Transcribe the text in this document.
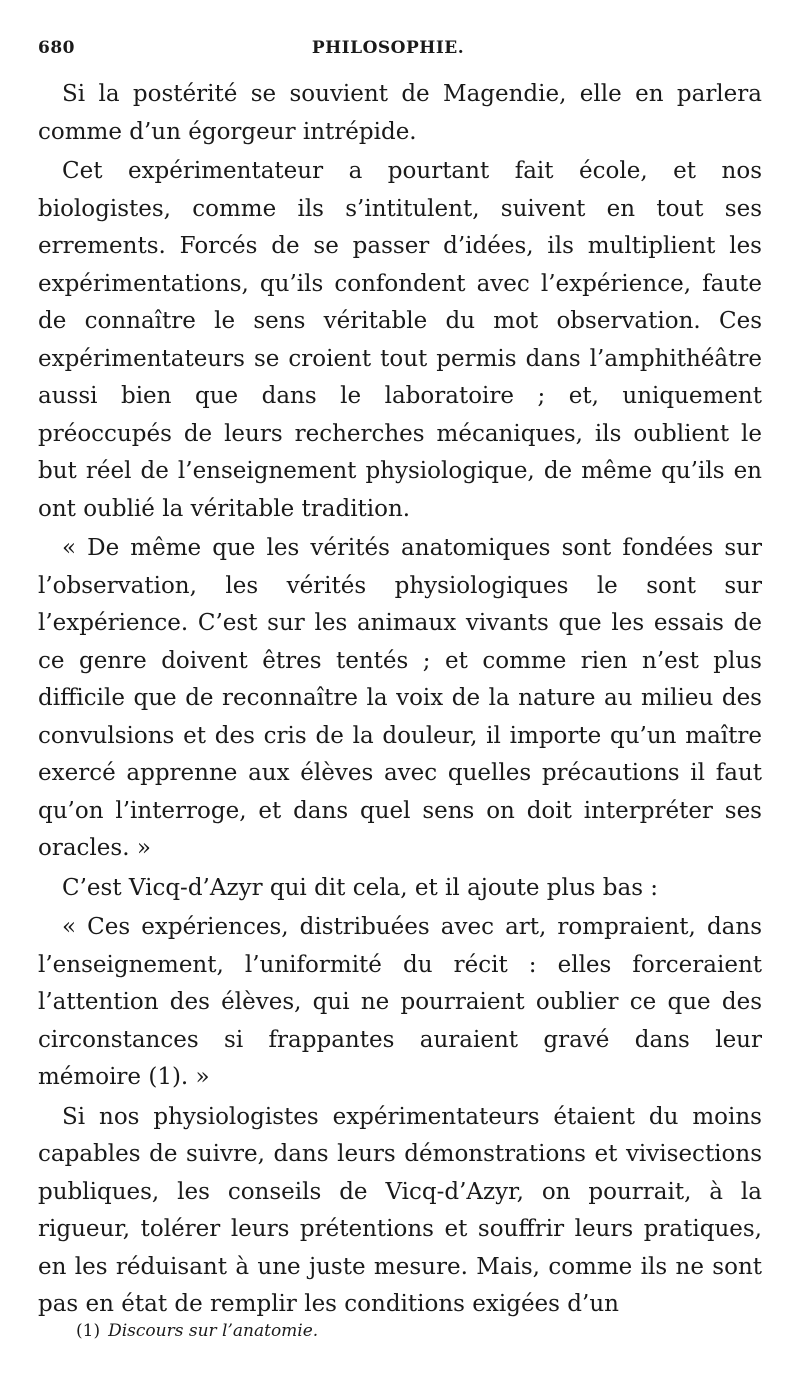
680	PHILOSOPHIE.

Si la postérité se souvient de Magendie, elle en parlera comme d’un égorgeur intrépide.

Cet expérimentateur a pourtant fait école, et nos biologistes, comme ils s’intitulent, suivent en tout ses errements. Forcés de se passer d’idées, ils multiplient les expérimentations, qu’ils confondent avec l’expérience, faute de connaître le sens véritable du mot observation. Ces expérimentateurs se croient tout permis dans l’amphithéâtre aussi bien que dans le laboratoire ; et, uniquement préoccupés de leurs recherches mécaniques, ils oublient le but réel de l’enseignement physiologique, de même qu’ils en ont oublié la véritable tradition.

« De même que les vérités anatomiques sont fondées sur l’observation, les vérités physiologiques le sont sur l’expérience. C’est sur les animaux vivants que les essais de ce genre doivent êtres tentés ; et comme rien n’est plus difficile que de reconnaître la voix de la nature au milieu des convulsions et des cris de la douleur, il importe qu’un maître exercé apprenne aux élèves avec quelles précautions il faut qu’on l’interroge, et dans quel sens on doit interpréter ses oracles. »

C’est Vicq-d’Azyr qui dit cela, et il ajoute plus bas :

« Ces expériences, distribuées avec art, rompraient, dans l’enseignement, l’uniformité du récit : elles forceraient l’attention des élèves, qui ne pourraient oublier ce que des circonstances si frappantes auraient gravé dans leur mémoire (1). »

Si nos physiologistes expérimentateurs étaient du moins capables de suivre, dans leurs démonstrations et vivisections publiques, les conseils de Vicq-d’Azyr, on pourrait, à la rigueur, tolérer leurs prétentions et souffrir leurs pratiques, en les réduisant à une juste mesure. Mais, comme ils ne sont pas en état de remplir les conditions exigées d’un

(1) Discours sur l’anatomie.
